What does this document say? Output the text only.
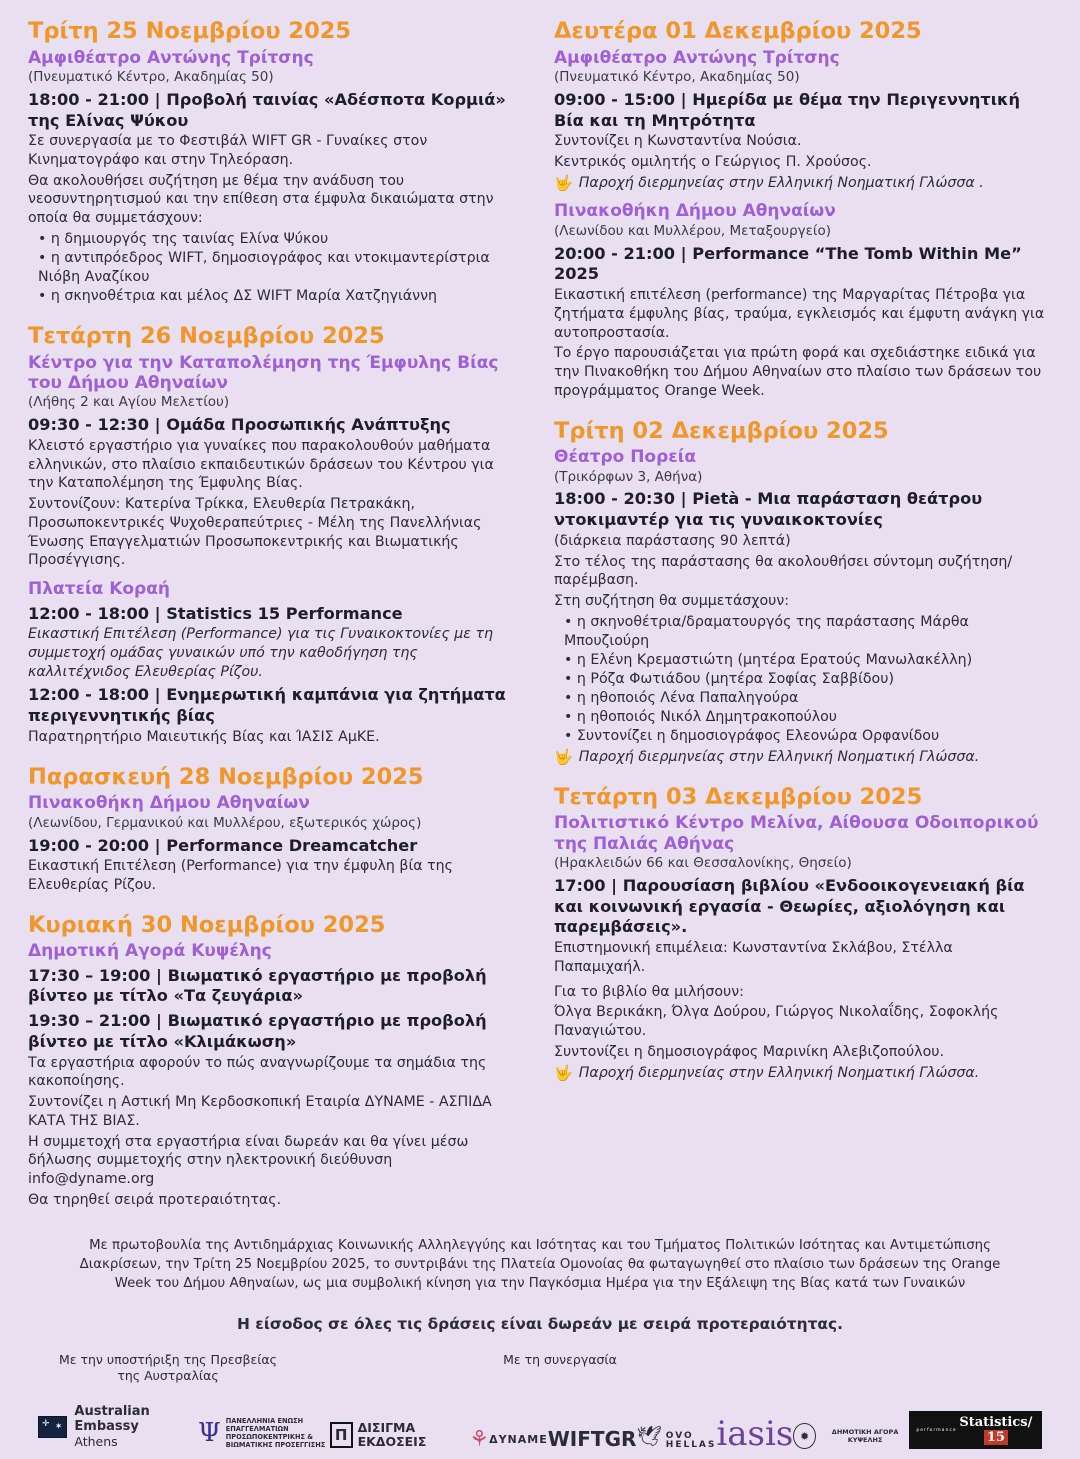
Τρίτη 25 Νοεμβρίου 2025

Αμφιθέατρο Αντώνης Τρίτσης

(Πνευματικό Κέντρο, Ακαδημίας 50)

18:00 - 21:00 | Προβολή ταινίας «Αδέσποτα Κορμιά» της Ελίνας Ψύκου

Σε συνεργασία με το Φεστιβάλ WIFT GR - Γυναίκες στον Κινηματογράφο και στην Τηλεόραση.

Θα ακολουθήσει συζήτηση με θέμα την ανάδυση του νεοσυντηρητισμού και την επίθεση στα έμφυλα δικαιώματα στην οποία θα συμμετάσχουν:

• η δημιουργός της ταινίας Ελίνα Ψύκου
• η αντιπρόεδρος WIFT, δημοσιογράφος και ντοκιμαντερίστρια Νιόβη Αναζίκου
• η σκηνοθέτρια και μέλος ΔΣ WIFT Μαρία Χατζηγιάννη
Τετάρτη 26 Νοεμβρίου 2025

Κέντρο για την Καταπολέμηση της Έμφυλης Βίας του Δήμου Αθηναίων

(Λήθης 2 και Αγίου Μελετίου)

09:30 - 12:30 | Ομάδα Προσωπικής Ανάπτυξης

Κλειστό εργαστήριο για γυναίκες που παρακολουθούν μαθήματα ελληνικών, στο πλαίσιο εκπαιδευτικών δράσεων του Κέντρου για την Καταπολέμηση της Έμφυλης Βίας.

Συντονίζουν: Κατερίνα Τρίκκα, Ελευθερία Πετρακάκη, Προσωποκεντρικές Ψυχοθεραπεύτριες - Μέλη της Πανελλήνιας Ένωσης Επαγγελματιών Προσωποκεντρικής και Βιωματικής Προσέγγισης.

Πλατεία Κοραή

12:00 - 18:00 | Statistics 15 Performance

Εικαστική Επιτέλεση (Performance) για τις Γυναικοκτονίες με τη συμμετοχή ομάδας γυναικών υπό την καθοδήγηση της καλλιτέχνιδος Ελευθερίας Ρίζου.

12:00 - 18:00 | Ενημερωτική καμπάνια για ζητήματα περιγεννητικής βίας

Παρατηρητήριο Μαιευτικής Βίας και ΊΑΣΙΣ ΑμΚΕ.

Παρασκευή 28 Νοεμβρίου 2025

Πινακοθήκη Δήμου Αθηναίων

(Λεωνίδου, Γερμανικού και Μυλλέρου, εξωτερικός χώρος)

19:00 - 20:00 | Performance Dreamcatcher

Εικαστική Επιτέλεση (Performance) για την έμφυλη βία της Ελευθερίας Ρίζου.

Κυριακή 30 Νοεμβρίου 2025

Δημοτική Αγορά Κυψέλης

17:30 – 19:00 | Βιωματικό εργαστήριο με προβολή βίντεο με τίτλο «Τα ζευγάρια»

19:30 – 21:00 | Βιωματικό εργαστήριο με προβολή βίντεο με τίτλο «Κλιμάκωση»

Τα εργαστήρια αφορούν το πώς αναγνωρίζουμε τα σημάδια της κακοποίησης.

Συντονίζει η Αστική Μη Κερδοσκοπική Εταιρία ΔΥΝΑΜΕ - ΑΣΠΙΔΑ ΚΑΤΑ ΤΗΣ ΒΙΑΣ.

Η συμμετοχή στα εργαστήρια είναι δωρεάν και θα γίνει μέσω δήλωσης συμμετοχής στην ηλεκτρονική διεύθυνση info@dyname.org

Θα τηρηθεί σειρά προτεραιότητας.

Δευτέρα 01 Δεκεμβρίου 2025

Αμφιθέατρο Αντώνης Τρίτσης

(Πνευματικό Κέντρο, Ακαδημίας 50)

09:00 - 15:00 | Ημερίδα με θέμα την Περιγεννητική Βία και τη Μητρότητα

Συντονίζει η Κωνσταντίνα Νούσια.

Κεντρικός ομιλητής ο Γεώργιος Π. Χρούσος.

🤟 Παροχή διερμηνείας στην Ελληνική Νοηματική Γλώσσα .

Πινακοθήκη Δήμου Αθηναίων

(Λεωνίδου και Μυλλέρου, Μεταξουργείο)

20:00 - 21:00 | Performance “The Tomb Within Me” 2025

Εικαστική επιτέλεση (performance) της Μαργαρίτας Πέτροβα για ζητήματα έμφυλης βίας, τραύμα, εγκλεισμός και έμφυτη ανάγκη για αυτοπροστασία.

Το έργο παρουσιάζεται για πρώτη φορά και σχεδιάστηκε ειδικά για την Πινακοθήκη του Δήμου Αθηναίων στο πλαίσιο των δράσεων του προγράμματος Orange Week.

Τρίτη 02 Δεκεμβρίου 2025

Θέατρο Πορεία

(Τρικόρφων 3, Αθήνα)

18:00 - 20:30 | Pietà - Μια παράσταση θεάτρου ντοκιμαντέρ για τις γυναικοκτονίες

(διάρκεια παράστασης 90 λεπτά)

Στο τέλος της παράστασης θα ακολουθήσει σύντομη συζήτηση/παρέμβαση.

Στη συζήτηση θα συμμετάσχουν:

• η σκηνοθέτρια/δραματουργός της παράστασης Μάρθα Μπουζιούρη
• η Ελένη Κρεμαστιώτη (μητέρα Ερατούς Μανωλακέλλη)
• η Ρόζα Φωτιάδου (μητέρα Σοφίας Σαββίδου)
• η ηθοποιός Λένα Παπαληγούρα
• η ηθοποιός Νικόλ Δημητρακοπούλου
• Συντονίζει η δημοσιογράφος Ελεονώρα Ορφανίδου
🤟 Παροχή διερμηνείας στην Ελληνική Νοηματική Γλώσσα.
Τετάρτη 03 Δεκεμβρίου 2025

Πολιτιστικό Κέντρο Μελίνα, Αίθουσα Οδοιπορικού της Παλιάς Αθήνας

(Ηρακλειδών 66 και Θεσσαλονίκης, Θησείο)

17:00 | Παρουσίαση βιβλίου «Ενδοοικογενειακή βία και κοινωνική εργασία - Θεωρίες, αξιολόγηση και παρεμβάσεις».

Επιστημονική επιμέλεια: Κωνσταντίνα Σκλάβου, Στέλλα Παπαμιχαήλ.

Για το βιβλίο θα μιλήσουν:

Όλγα Βερικάκη, Όλγα Δούρου, Γιώργος Νικολαΐδης, Σοφοκλής Παναγιώτου.

Συντονίζει η δημοσιογράφος Μαρινίκη Αλεβιζοπούλου.

🤟 Παροχή διερμηνείας στην Ελληνική Νοηματική Γλώσσα.

Με πρωτοβουλία της Αντιδημάρχιας Κοινωνικής Αλληλεγγύης και Ισότητας και του Τμήματος Πολιτικών Ισότητας και Αντιμετώπισης Διακρίσεων, την Τρίτη 25 Νοεμβρίου 2025, το συντριβάνι της Πλατεία Ομονοίας θα φωταγωγηθεί στο πλαίσιο των δράσεων της Orange Week του Δήμου Αθηναίων, ως μια συμβολική κίνηση για την Παγκόσμια Ημέρα για την Εξάλειψη της Βίας κατά των Γυναικών

Η είσοδος σε όλες τις δράσεις είναι δωρεάν με σειρά προτεραιότητας.

Με την υποστήριξη της Πρεσβείας της Αυστραλίας
Με τη συνεργασία
✛ ✶
Australian Embassy
Athens	Ψ ΠΑΝΕΛΛΗΝΙΑ ΕΝΩΣΗ ΕΠΑΓΓΕΛΜΑΤΙΩΝ ΠΡΟΣΩΠΟΚΕΝΤΡΙΚΗΣ & ΒΙΩΜΑΤΙΚΗΣ ΠΡΟΣΕΓΓΙΣΗΣ
Π ΔΙΣΙΓΜΑ ΕΚΔΟΣΕΙΣ	⚘ ΔΥΝΑΜΕ WIFT GR 🕊 OVO
HELLAS iasis ✹	ΔΗΜΟΤΙΚΗ ΑΓΟΡΑ ΚΥΨΕΛΗΣ
performance Statistics/15
